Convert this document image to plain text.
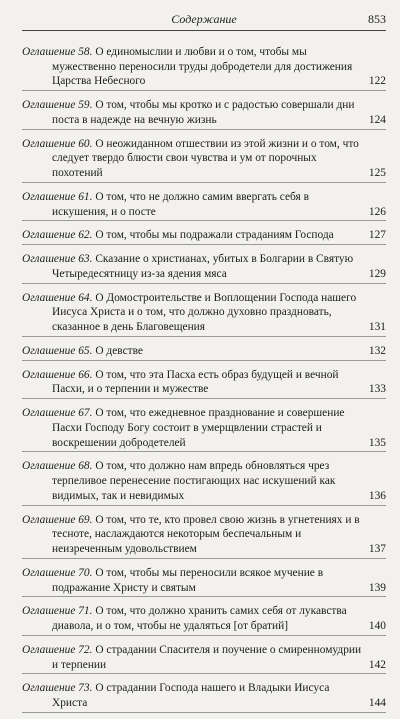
Содержание	853
Оглашение 58. О единомыслии и любви и о том, чтобы мы мужественно переносили труды добродетели для достижения Царства Небесного	122
Оглашение 59. О том, чтобы мы кротко и с радостью совершали дни поста в надежде на вечную жизнь	124
Оглашение 60. О неожиданном отшествии из этой жизни и о том, что следует твердо блюсти свои чувства и ум от порочных похотений	125
Оглашение 61. О том, что не должно самим ввергать себя в искушения, и о посте	126
Оглашение 62. О том, чтобы мы подражали страданиям Господа	127
Оглашение 63. Сказание о христианах, убитых в Болгарии в Святую Четыредесятницу из-за ядения мяса	129
Оглашение 64. О Домостроительстве и Воплощении Господа нашего Иисуса Христа и о том, что должно духовно праздновать, сказанное в день Благовещения	131
Оглашение 65. О девстве	132
Оглашение 66. О том, что эта Пасха есть образ будущей и вечной Пасхи, и о терпении и мужестве	133
Оглашение 67. О том, что ежедневное празднование и совершение Пасхи Господу Богу состоит в умерщвлении страстей и воскрешении добродетелей	135
Оглашение 68. О том, что должно нам впредь обновляться чрез терпеливое перенесение постигающих нас искушений как видимых, так и невидимых	136
Оглашение 69. О том, что те, кто провел свою жизнь в угнетениях и в тесноте, наслаждаются некоторым беспечальным и неизреченным удовольствием	137
Оглашение 70. О том, чтобы мы переносили всякое мучение в подражание Христу и святым	139
Оглашение 71. О том, что должно хранить самих себя от лукавства диавола, и о том, чтобы не удаляться [от братий]	140
Оглашение 72. О страдании Спасителя и поучение о смиренномудрии и терпении	142
Оглашение 73. О страдании Господа нашего и Владыки Иисуса Христа	144
